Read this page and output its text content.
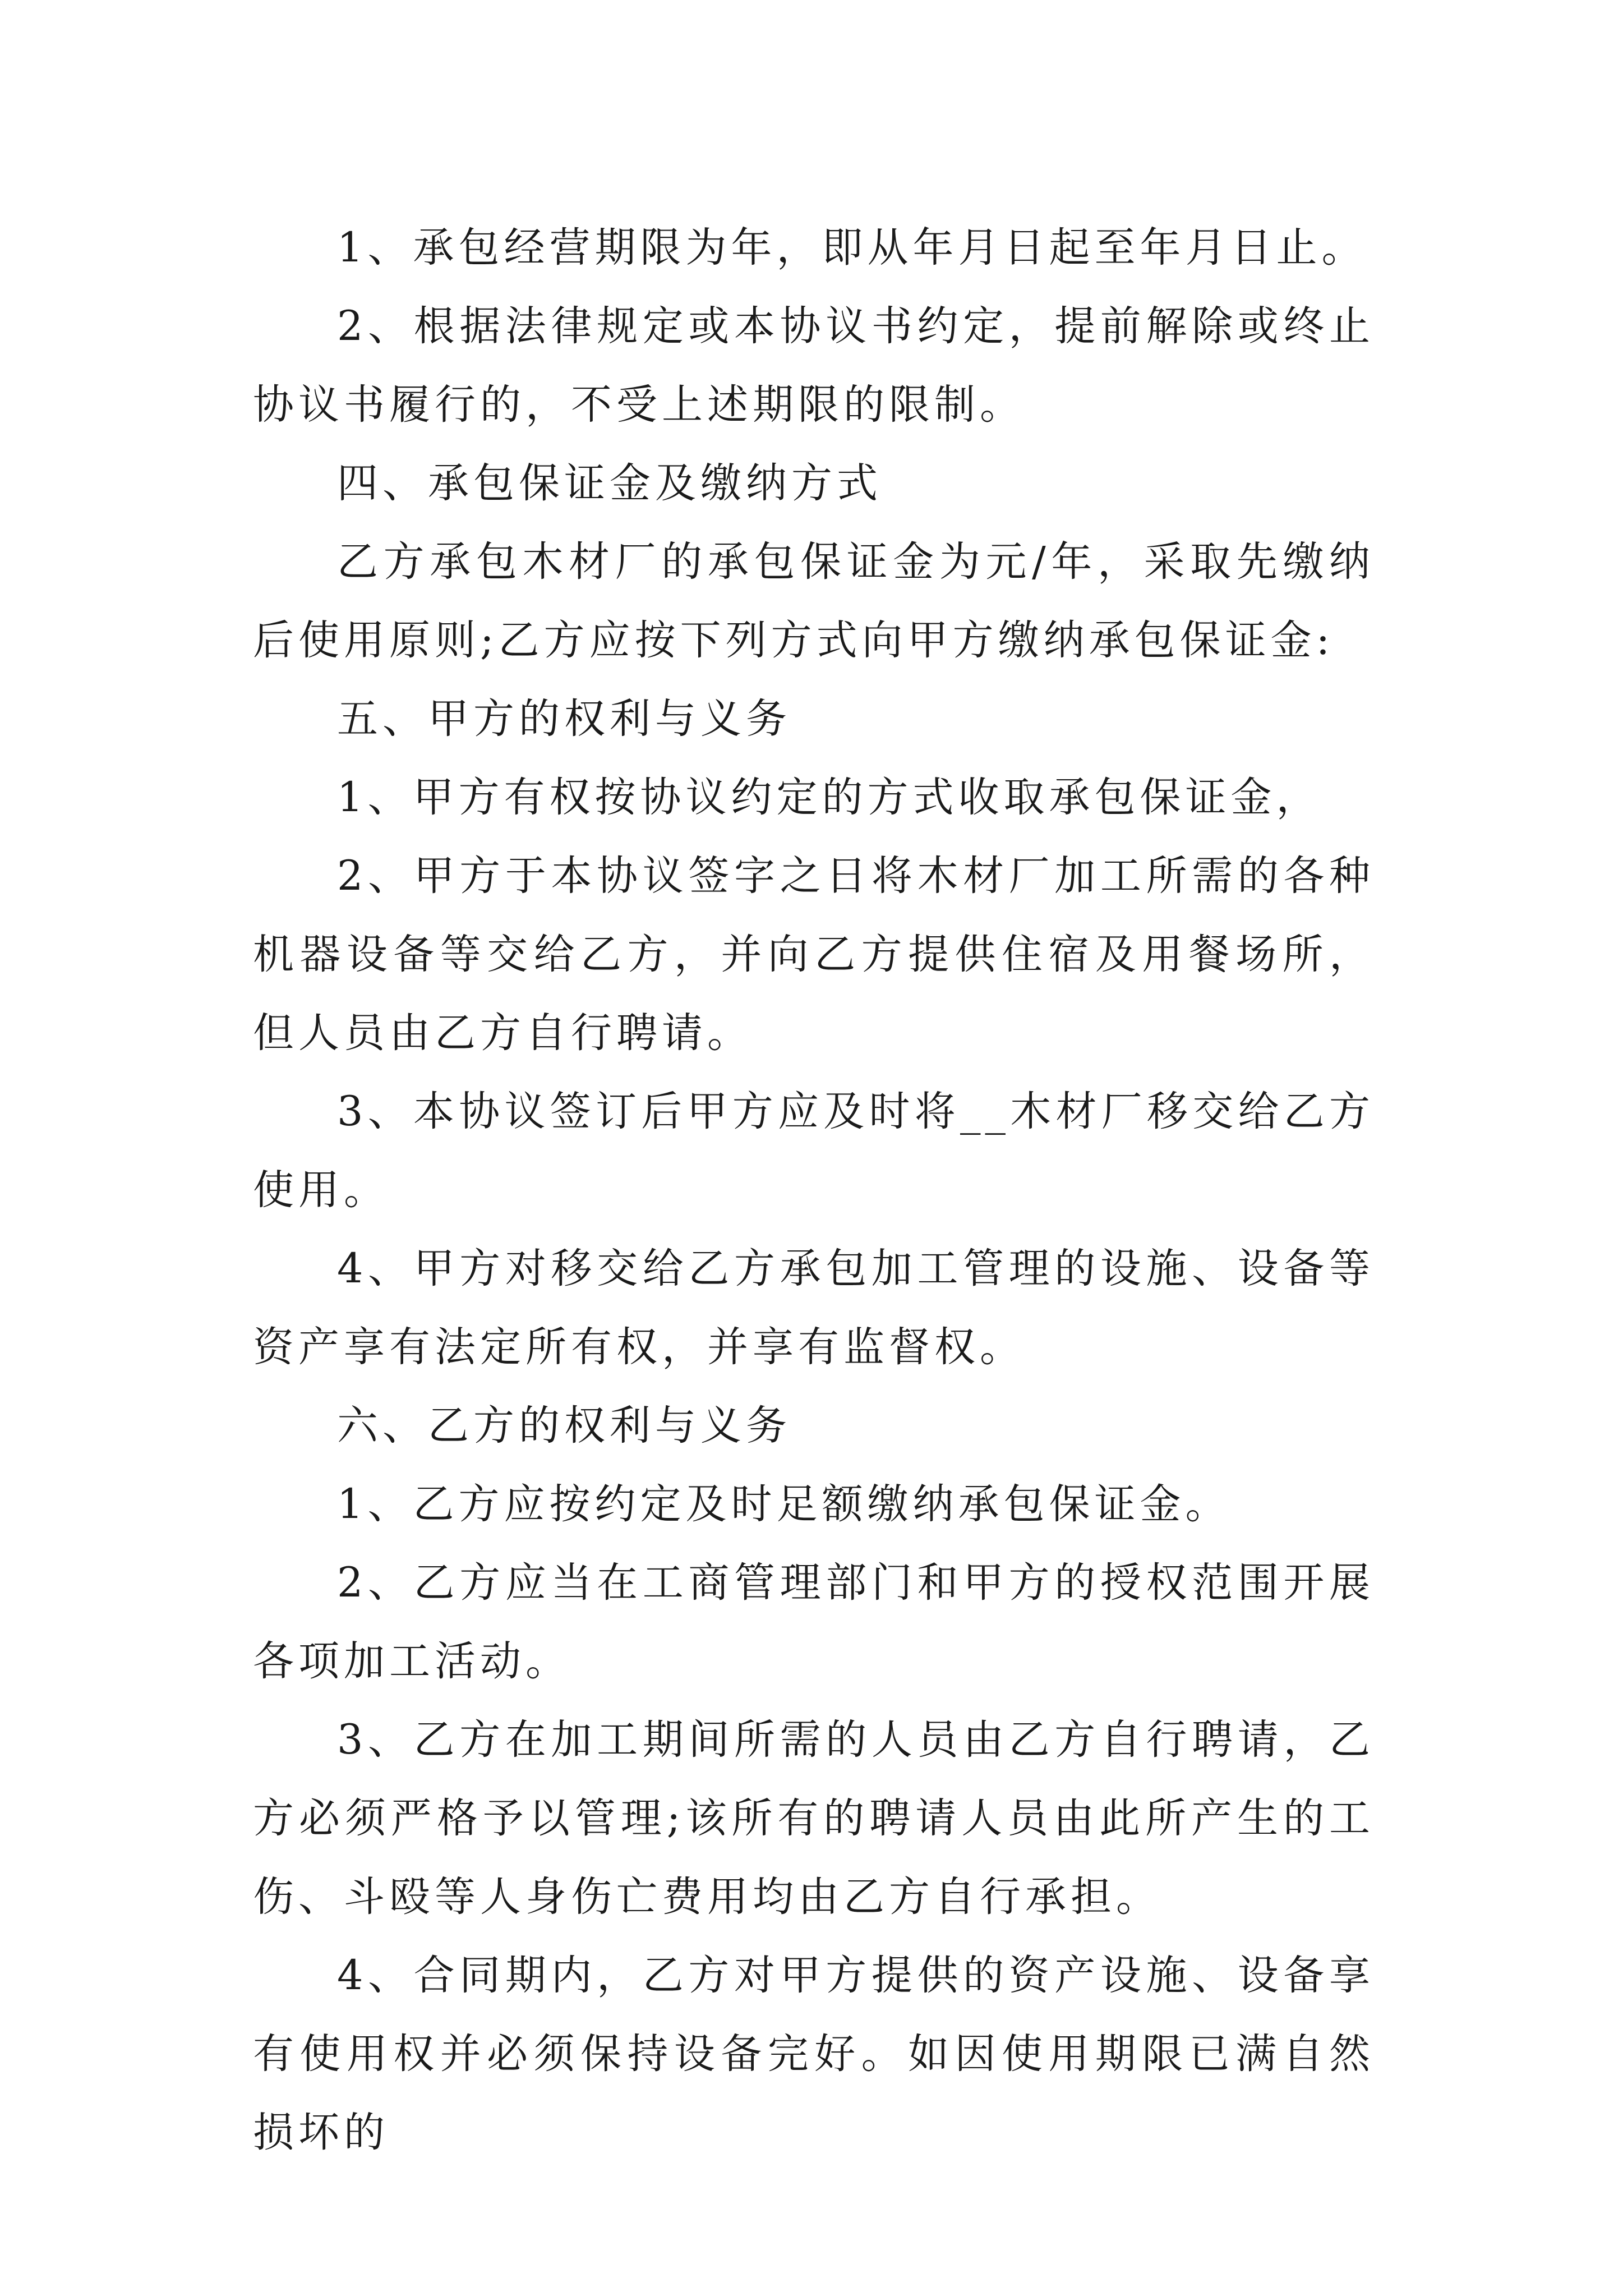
1、承包经营期限为年，即从年月日起至年月日止。

2、根据法律规定或本协议书约定，提前解除或终止协议书履行的，不受上述期限的限制。

四、承包保证金及缴纳方式

乙方承包木材厂的承包保证金为元/年，采取先缴纳后使用原则;乙方应按下列方式向甲方缴纳承包保证金:

五、甲方的权利与义务

1、甲方有权按协议约定的方式收取承包保证金，

2、甲方于本协议签字之日将木材厂加工所需的各种机器设备等交给乙方，并向乙方提供住宿及用餐场所，但人员由乙方自行聘请。

3、本协议签订后甲方应及时将__木材厂移交给乙方使用。

4、甲方对移交给乙方承包加工管理的设施、设备等资产享有法定所有权，并享有监督权。

六、乙方的权利与义务

1、乙方应按约定及时足额缴纳承包保证金。

2、乙方应当在工商管理部门和甲方的授权范围开展各项加工活动。

3、乙方在加工期间所需的人员由乙方自行聘请，乙方必须严格予以管理;该所有的聘请人员由此所产生的工伤、斗殴等人身伤亡费用均由乙方自行承担。

4、合同期内，乙方对甲方提供的资产设施、设备享有使用权并必须保持设备完好。如因使用期限已满自然损坏的
